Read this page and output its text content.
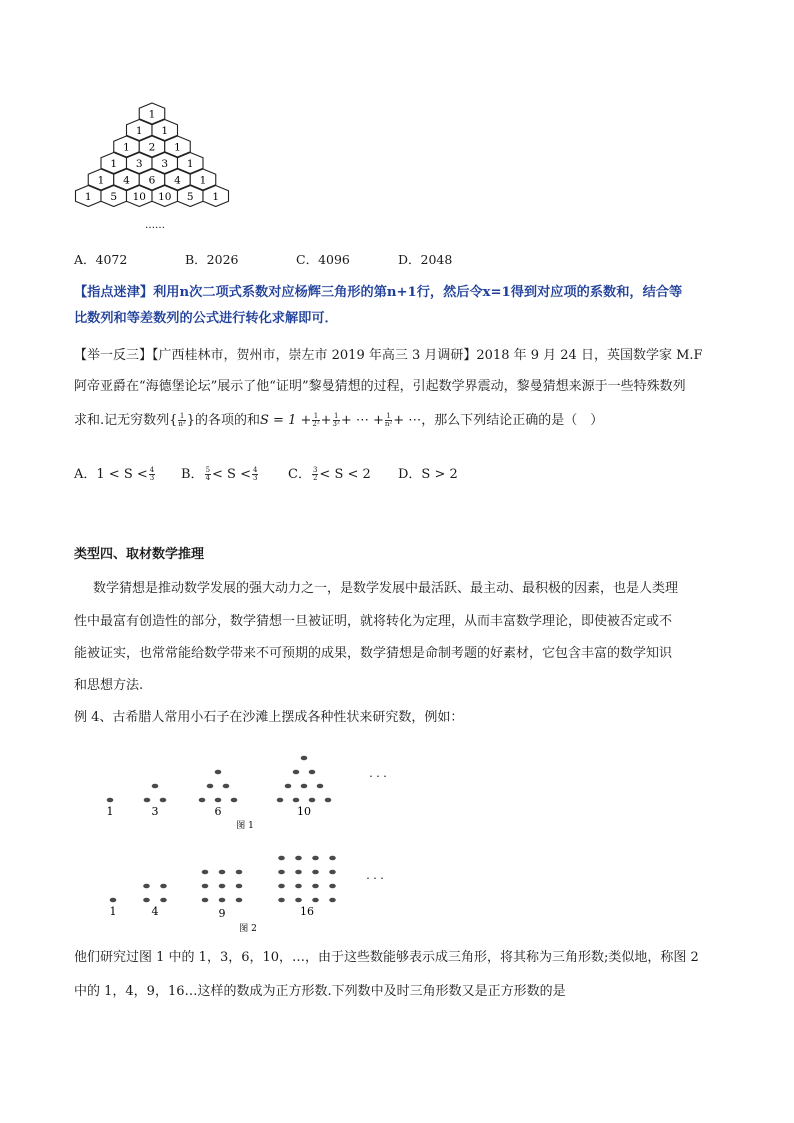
1
1 1
1 2 1
1 3 3 1
1 4 6 4 1
1 5 10 10 5 1
……
A．4072	B．2026	C．4096	D．2048
【指点迷津】利用n次二项式系数对应杨辉三角形的第n+1行，然后令x=1得到对应项的系数和，结合等
比数列和等差数列的公式进行转化求解即可．
【举一反三】【广西桂林市，贺州市，崇左市 2019 年高三 3 月调研】2018 年 9 月 24 日，英国数学家 M.F
阿帝亚爵在“海德堡论坛”展示了他“证明”黎曼猜想的过程，引起数学界震动，黎曼猜想来源于一些特殊数列
求和.记无穷数列{ $\frac{1}{\text{n²}}$ }的各项的和$S = 1 + \frac{1}{\text{2²}} + \frac{1}{\text{3²}}$ + ⋯ + $\frac{1}{\text{n²}}$ + ⋯，那么下列结论正确的是（　）
A．$1 < S < \frac{4}{3}$ B． $\frac{5}{4} < S < \frac{4}{3}$ C． $\frac{3}{2} < S < 2$ D．S > 2
类型四、取材数学推理
数学猜想是推动数学发展的强大动力之一，是数学发展中最活跃、最主动、最积极的因素，也是人类理
性中最富有创造性的部分，数学猜想一旦被证明，就将转化为定理，从而丰富数学理论，即使被否定或不
能被证实，也常常能给数学带来不可预期的成果，数学猜想是命制考题的好素材，它包含丰富的数学知识
和思想方法.
例 4、古希腊人常用小石子在沙滩上摆成各种性状来研究数，例如：
1	3	6	10
图 1
· · ·
1	4	9	16
图 2
· · ·
他们研究过图 1 中的 1，3，6，10，…，由于这些数能够表示成三角形，将其称为三角形数;类似地，称图 2
中的 1，4，9，16…这样的数成为正方形数.下列数中及时三角形数又是正方形数的是
